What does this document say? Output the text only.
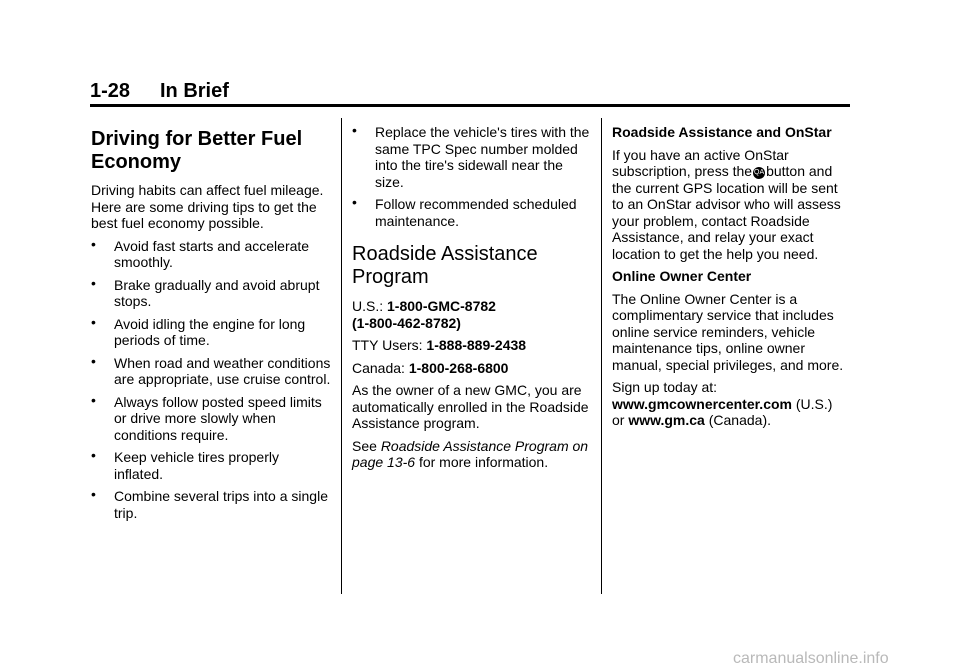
1-28 In Brief
Driving for Better Fuel Economy

Driving habits can affect fuel mileage. Here are some driving tips to get the best fuel economy possible.

• Avoid fast starts and accelerate smoothly.
• Brake gradually and avoid abrupt stops.
• Avoid idling the engine for long periods of time.
• When road and weather conditions are appropriate, use cruise control.
• Always follow posted speed limits or drive more slowly when conditions require.
• Keep vehicle tires properly inflated.
• Combine several trips into a single trip.
• Replace the vehicle's tires with the same TPC Spec number molded into the tire's sidewall near the size.
• Follow recommended scheduled maintenance.
Roadside Assistance Program

U.S.: 1-800-GMC-8782
(1-800-462-8782)

TTY Users: 1-888-889-2438

Canada: 1-800-268-6800

As the owner of a new GMC, you are automatically enrolled in the Roadside Assistance program.

See Roadside Assistance Program on page 13-6 for more information.

Roadside Assistance and OnStar

If you have an active OnStar subscription, press the QA button and the current GPS location will be sent to an OnStar advisor who will assess your problem, contact Roadside Assistance, and relay your exact location to get the help you need.

Online Owner Center

The Online Owner Center is a complimentary service that includes online service reminders, vehicle maintenance tips, online owner manual, special privileges, and more.

Sign up today at:
www.gmcownercenter.com (U.S.)
or www.gm.ca (Canada).

carmanualsonline.info
